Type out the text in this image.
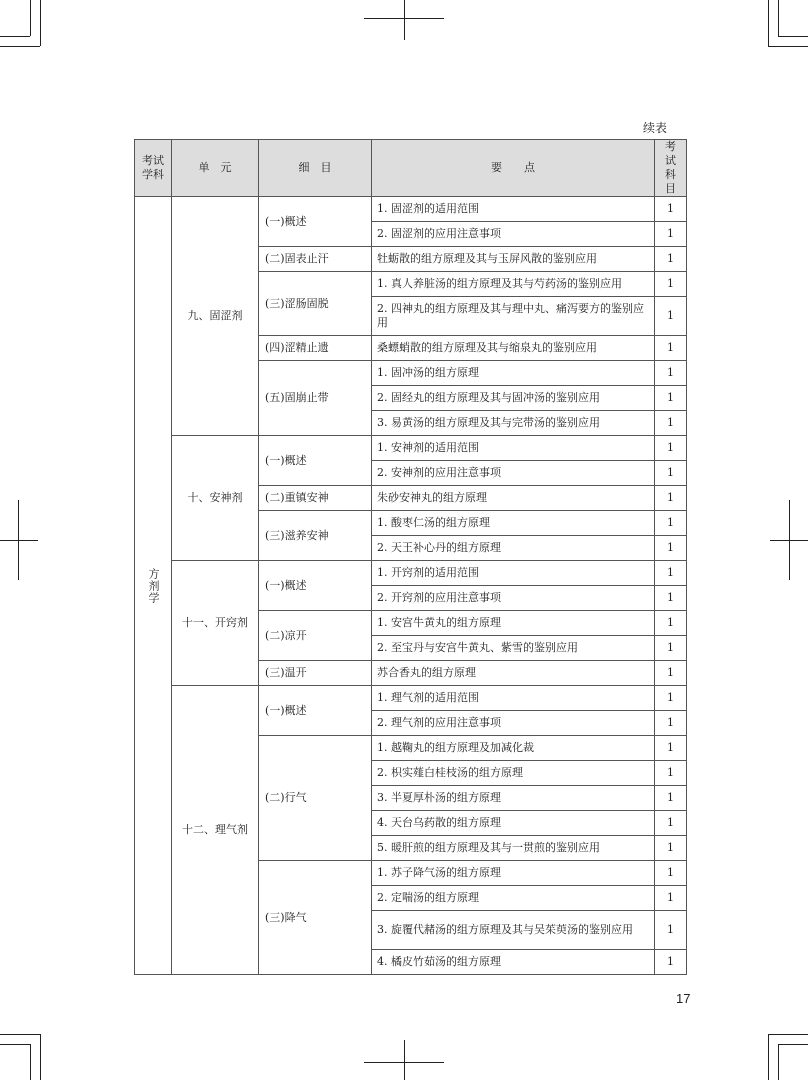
续表
考试学科	单　元	细　目	要　　点	考试科目

方剂学	九、固涩剂	(一)概述	1. 固涩剂的适用范围	1
			2. 固涩剂的应用注意事项	1
		(二)固表止汗	牡蛎散的组方原理及其与玉屏风散的鉴别应用	1
		(三)涩肠固脱	1. 真人养脏汤的组方原理及其与芍药汤的鉴别应用	1
			2. 四神丸的组方原理及其与理中丸、痛泻要方的鉴别应用	1
		(四)涩精止遗	桑螵蛸散的组方原理及其与缩泉丸的鉴别应用	1
		(五)固崩止带	1. 固冲汤的组方原理	1
			2. 固经丸的组方原理及其与固冲汤的鉴别应用	1
			3. 易黄汤的组方原理及其与完带汤的鉴别应用	1
	十、安神剂	(一)概述	1. 安神剂的适用范围	1
			2. 安神剂的应用注意事项	1
		(二)重镇安神	朱砂安神丸的组方原理	1
		(三)滋养安神	1. 酸枣仁汤的组方原理	1
			2. 天王补心丹的组方原理	1
	十一、开窍剂	(一)概述	1. 开窍剂的适用范围	1
			2. 开窍剂的应用注意事项	1
		(二)凉开	1. 安宫牛黄丸的组方原理	1
			2. 至宝丹与安宫牛黄丸、紫雪的鉴别应用	1
		(三)温开	苏合香丸的组方原理	1
	十二、理气剂	(一)概述	1. 理气剂的适用范围	1
			2. 理气剂的应用注意事项	1
		(二)行气	1. 越鞠丸的组方原理及加减化裁	1
			2. 枳实薤白桂枝汤的组方原理	1
			3. 半夏厚朴汤的组方原理	1
			4. 天台乌药散的组方原理	1
			5. 暖肝煎的组方原理及其与一贯煎的鉴别应用	1
		(三)降气	1. 苏子降气汤的组方原理	1
			2. 定喘汤的组方原理	1
			3. 旋覆代赭汤的组方原理及其与吴茱萸汤的鉴别应用	1
			4. 橘皮竹茹汤的组方原理	1
17
